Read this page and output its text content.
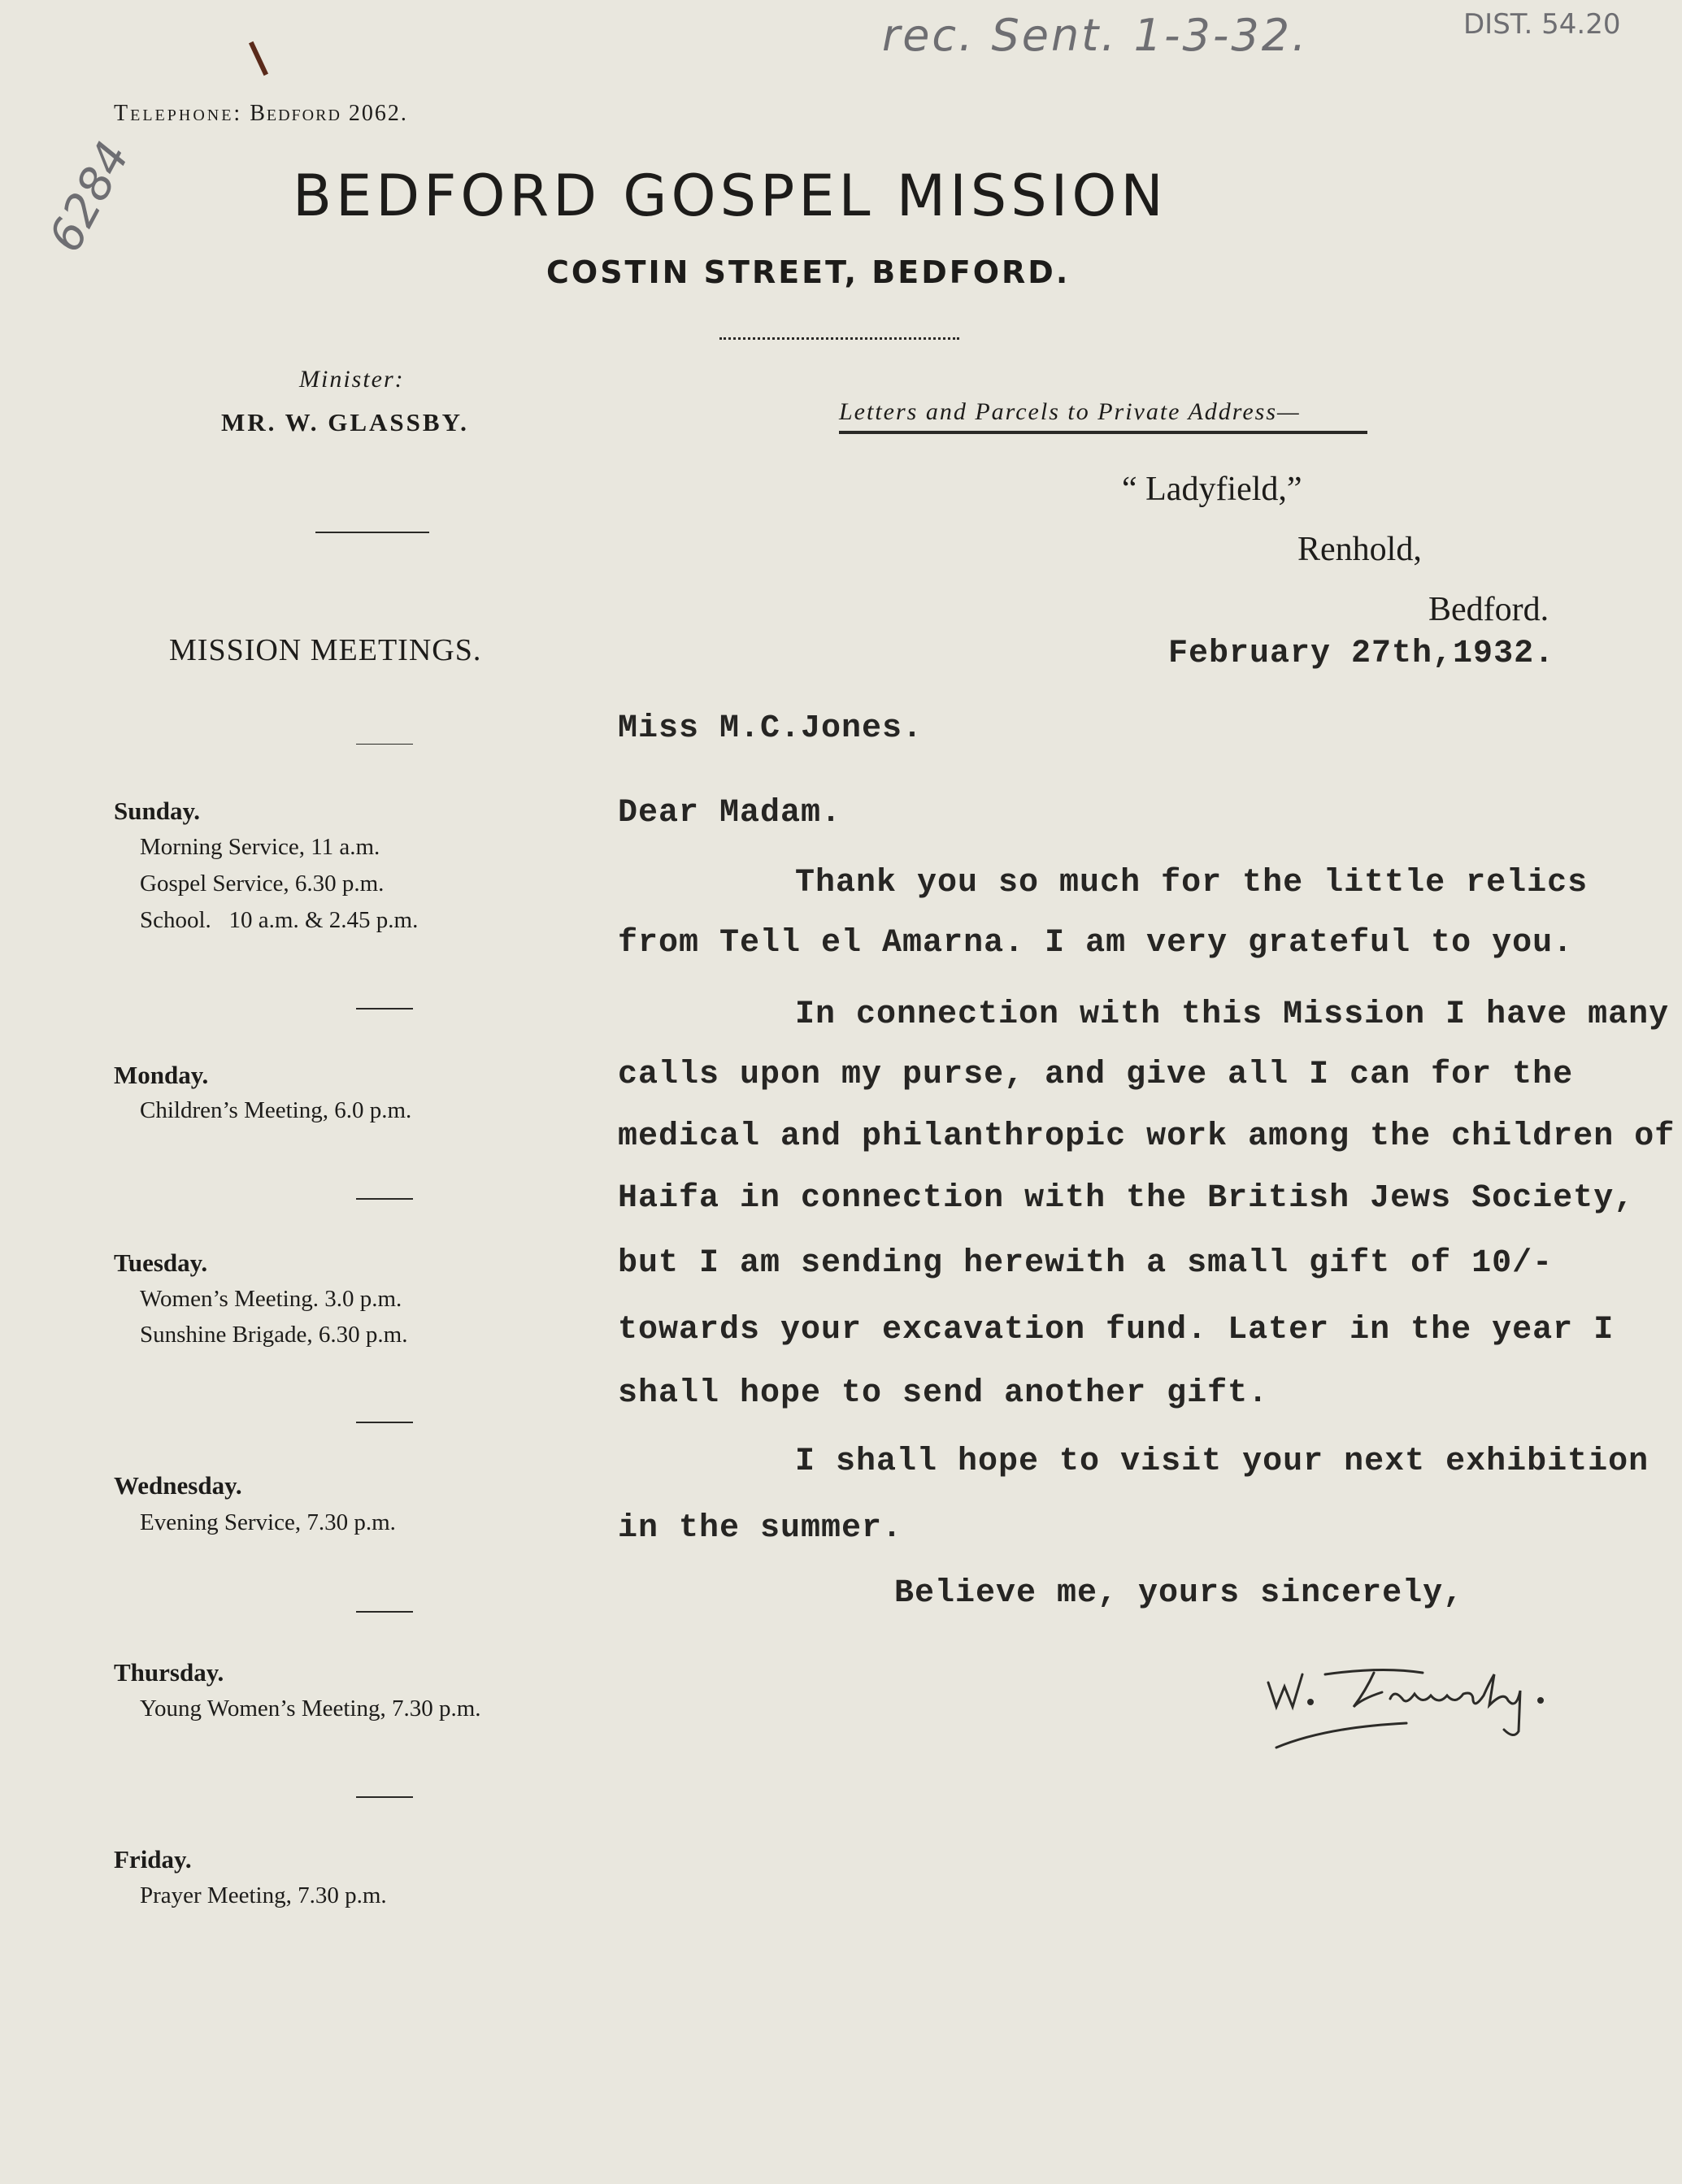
rec. Sent. 1-3-32.	DIST. 54.20
6284
Telephone: Bedford 2062.
BEDFORD GOSPEL MISSION
COSTIN STREET, BEDFORD.
Minister:
MR. W. GLASSBY.	Letters and Parcels to Private Address—
“ Ladyfield,”
Renhold,
Bedford.
MISSION MEETINGS.
Sunday.
Morning Service, 11 a.m.
Gospel Service, 6.30 p.m.
School.   10 a.m. & 2.45 p.m.
Monday.
Children’s Meeting, 6.0 p.m.
Tuesday.
Women’s Meeting. 3.0 p.m.
Sunshine Brigade, 6.30 p.m.
Wednesday.
Evening Service, 7.30 p.m.
Thursday.
Young Women’s Meeting, 7.30 p.m.
Friday.
Prayer Meeting, 7.30 p.m.
February 27th,1932.
Miss M.C.Jones.
Dear Madam.
Thank you so much for the little relics
from Tell el Amarna. I am very grateful to you.
In connection with this Mission I have many
calls upon my purse, and give all I can for the
medical and philanthropic work among the children of
Haifa in connection with the British Jews Society,
but I am sending herewith a small gift of 10/-
towards your excavation fund. Later in the year I
shall hope to send another gift.
I shall hope to visit your next exhibition
in the summer.
Believe me, yours sincerely,
